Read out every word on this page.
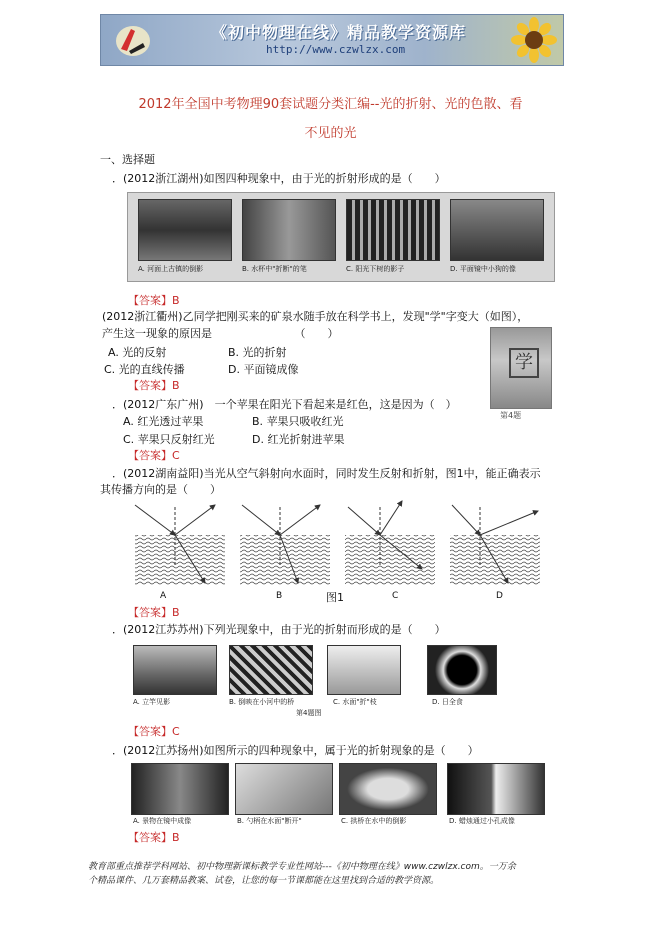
《初中物理在线》精品教学资源库
http://www.czwlzx.com
2012年全国中考物理90套试题分类汇编--光的折射、光的色散、看
不见的光
一、选择题
．(2012浙江湖州)如图四种现象中，由于光的折射形成的是（　　）
A. 河面上古镇的倒影	B. 水杯中"折断"的笔	C. 阳光下树的影子	D. 平面镜中小狗的像
【答案】B
(2012浙江衢州)乙同学把刚买来的矿泉水随手放在科学书上，发现"学"字变大（如图），
产生这一现象的原因是　　　　　　　　（　　）
A. 光的反射	B. 光的折射
C. 光的直线传播	D. 平面镜成像	学
第4题
【答案】B
．(2012广东广州)　一个苹果在阳光下看起来是红色，这是因为（　）
A. 红光透过苹果	B. 苹果只吸收红光
C. 苹果只反射红光	D. 红光折射进苹果
【答案】C
．(2012湖南益阳)当光从空气斜射向水面时，同时发生反射和折射，图1中，能正确表示
其传播方向的是（　　）
A	B	图1	C	D
【答案】B
．(2012江苏苏州)下列光现象中，由于光的折射而形成的是（　　）
A. 立竿见影	B. 倒映在小河中的桥	C. 水面"折"枝	D. 日全食
第4题图
【答案】C
．(2012江苏扬州)如图所示的四种现象中，属于光的折射现象的是（　　）
A. 景物在镜中成像	B. 勺柄在水面"断开"	C. 拱桥在水中的倒影	D. 蜡烛通过小孔成像
【答案】B
教育部重点推荐学科网站、初中物理新课标教学专业性网站---《初中物理在线》www.czwlzx.com。一万余
个精品课件、几万套精品教案、试卷，让您的每一节课都能在这里找到合适的教学资源。
